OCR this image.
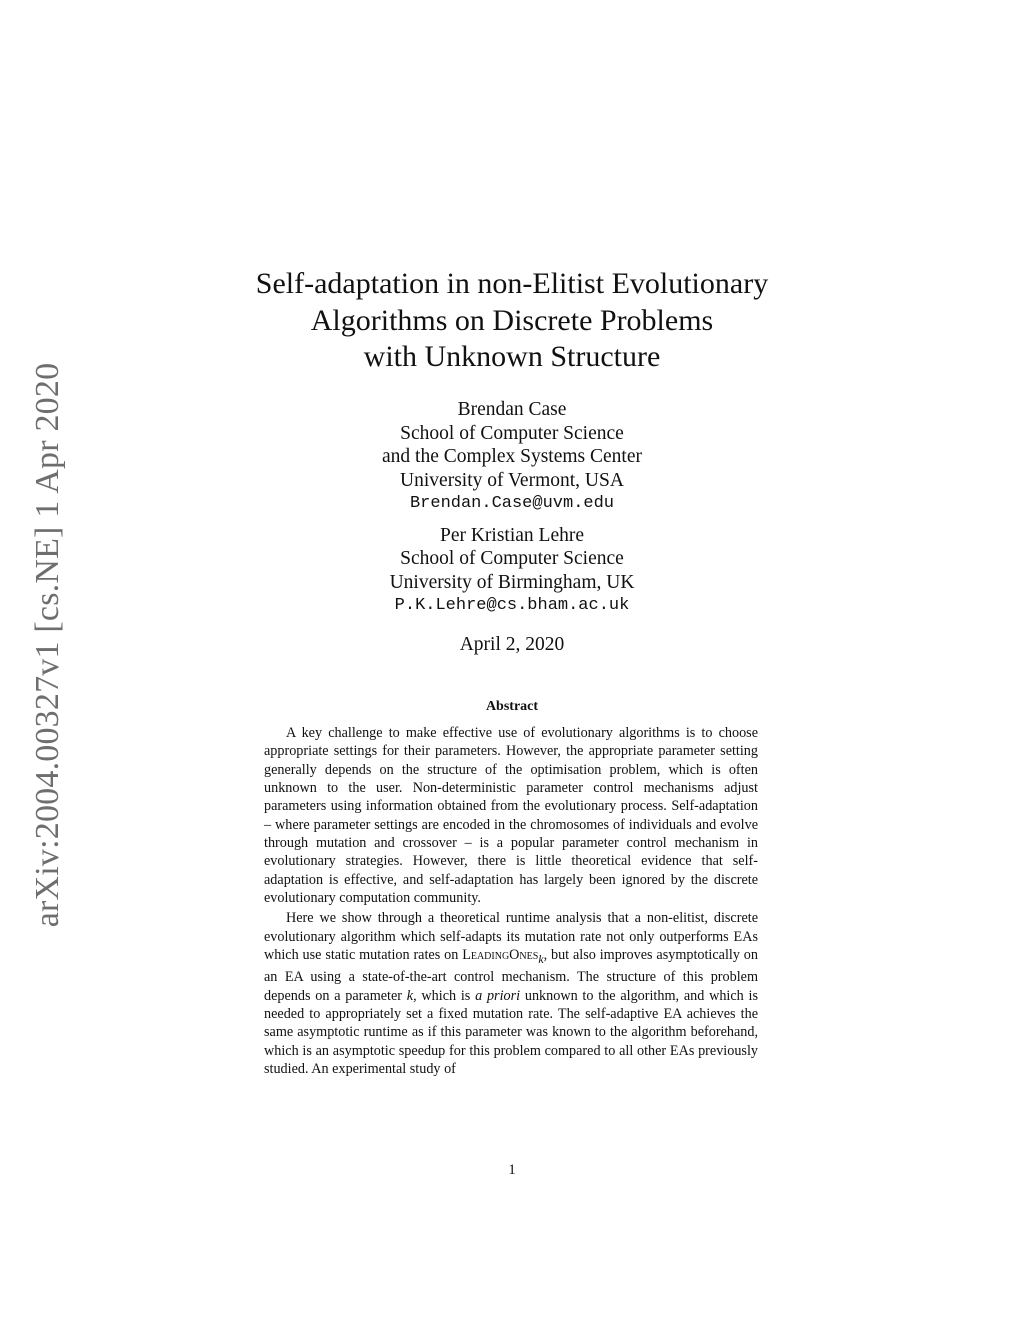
arXiv:2004.00327v1 [cs.NE] 1 Apr 2020
Self-adaptation in non-Elitist Evolutionary
Algorithms on Discrete Problems
with Unknown Structure
Brendan Case
School of Computer Science
and the Complex Systems Center
University of Vermont, USA
Brendan.Case@uvm.edu
Per Kristian Lehre
School of Computer Science
University of Birmingham, UK
P.K.Lehre@cs.bham.ac.uk
April 2, 2020
Abstract

A key challenge to make effective use of evolutionary algorithms is to choose appropriate settings for their parameters. However, the appropriate parameter setting generally depends on the structure of the optimisation problem, which is often unknown to the user. Non-deterministic parameter control mechanisms adjust parameters using information obtained from the evolutionary process. Self-adaptation – where parameter settings are encoded in the chromosomes of individuals and evolve through mutation and crossover – is a popular parameter control mechanism in evolutionary strategies. However, there is little theoretical evidence that self-adaptation is effective, and self-adaptation has largely been ignored by the discrete evolutionary computation community.

Here we show through a theoretical runtime analysis that a non-elitist, discrete evolutionary algorithm which self-adapts its mutation rate not only outperforms EAs which use static mutation rates on LeadingOnes$_k$, but also improves asymptotically on an EA using a state-of-the-art control mechanism. The structure of this problem depends on a parameter k, which is a priori unknown to the algorithm, and which is needed to appropriately set a fixed mutation rate. The self-adaptive EA achieves the same asymptotic runtime as if this parameter was known to the algorithm beforehand, which is an asymptotic speedup for this problem compared to all other EAs previously studied. An experimental study of

1
